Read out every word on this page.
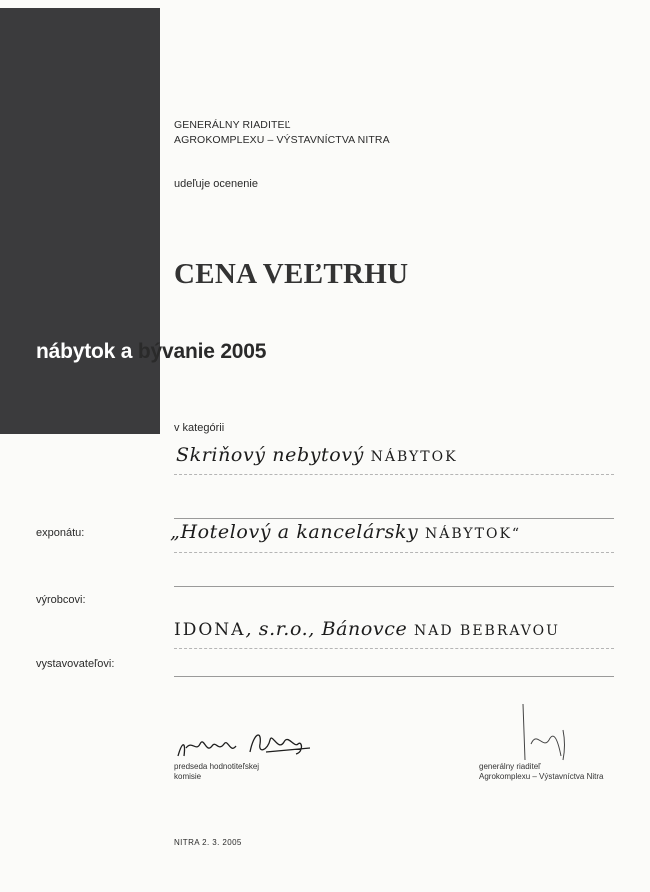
GENERÁLNY RIADITEĽ
AGROKOMPLEXU – VÝSTAVNÍCTVA NITRA
udeľuje ocenenie
CENA VEĽTRHU
nábytok a bývanie 2005
v kategórii
Skriňový nebytový NÁBYTOK
exponátu:	„Hotelový a kancelársky NÁBYTOK“
výrobcovi:
IDONA, s.r.o., Bánovce NAD BEBRAVOU
vystavovateľovi:
predseda hodnotiteľskej
komisie
generálny riaditeľ
Agrokomplexu – Výstavníctva Nitra
NITRA 2. 3. 2005
